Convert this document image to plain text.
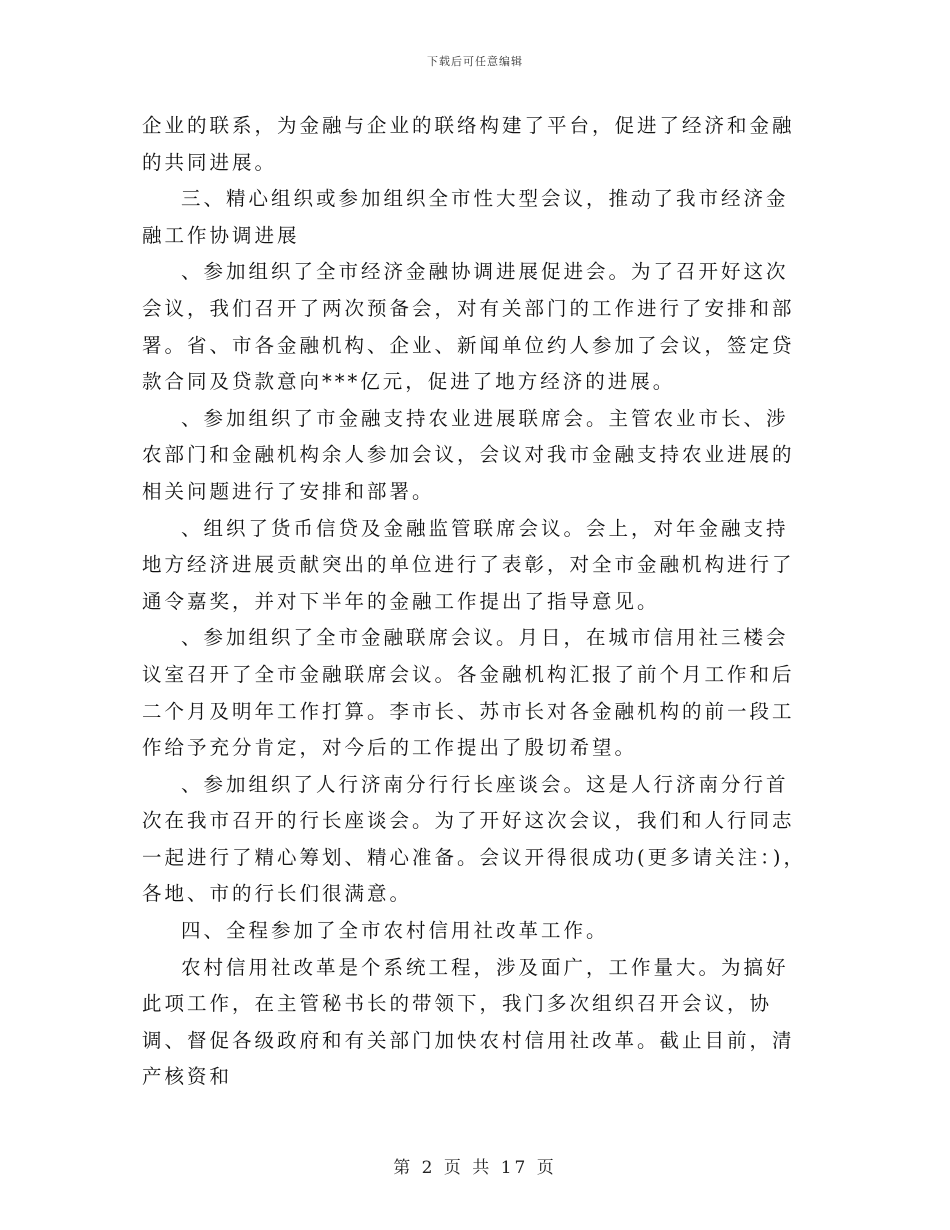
下载后可任意编辑

企业的联系，为金融与企业的联络构建了平台，促进了经济和金融的共同进展。

三、精心组织或参加组织全市性大型会议，推动了我市经济金融工作协调进展

、参加组织了全市经济金融协调进展促进会。为了召开好这次会议，我们召开了两次预备会，对有关部门的工作进行了安排和部署。省、市各金融机构、企业、新闻单位约人参加了会议，签定贷款合同及贷款意向***亿元，促进了地方经济的进展。

、参加组织了市金融支持农业进展联席会。主管农业市长、涉农部门和金融机构余人参加会议，会议对我市金融支持农业进展的相关问题进行了安排和部署。

、组织了货币信贷及金融监管联席会议。会上，对年金融支持地方经济进展贡献突出的单位进行了表彰，对全市金融机构进行了通令嘉奖，并对下半年的金融工作提出了指导意见。

、参加组织了全市金融联席会议。月日，在城市信用社三楼会议室召开了全市金融联席会议。各金融机构汇报了前个月工作和后二个月及明年工作打算。李市长、苏市长对各金融机构的前一段工作给予充分肯定，对今后的工作提出了殷切希望。

、参加组织了人行济南分行行长座谈会。这是人行济南分行首次在我市召开的行长座谈会。为了开好这次会议，我们和人行同志一起进行了精心筹划、精心准备。会议开得很成功(更多请关注：)，各地、市的行长们很满意。

四、全程参加了全市农村信用社改革工作。

农村信用社改革是个系统工程，涉及面广，工作量大。为搞好此项工作，在主管秘书长的带领下，我门多次组织召开会议，协调、督促各级政府和有关部门加快农村信用社改革。截止目前，清产核资和

第 2 页 共 17 页
